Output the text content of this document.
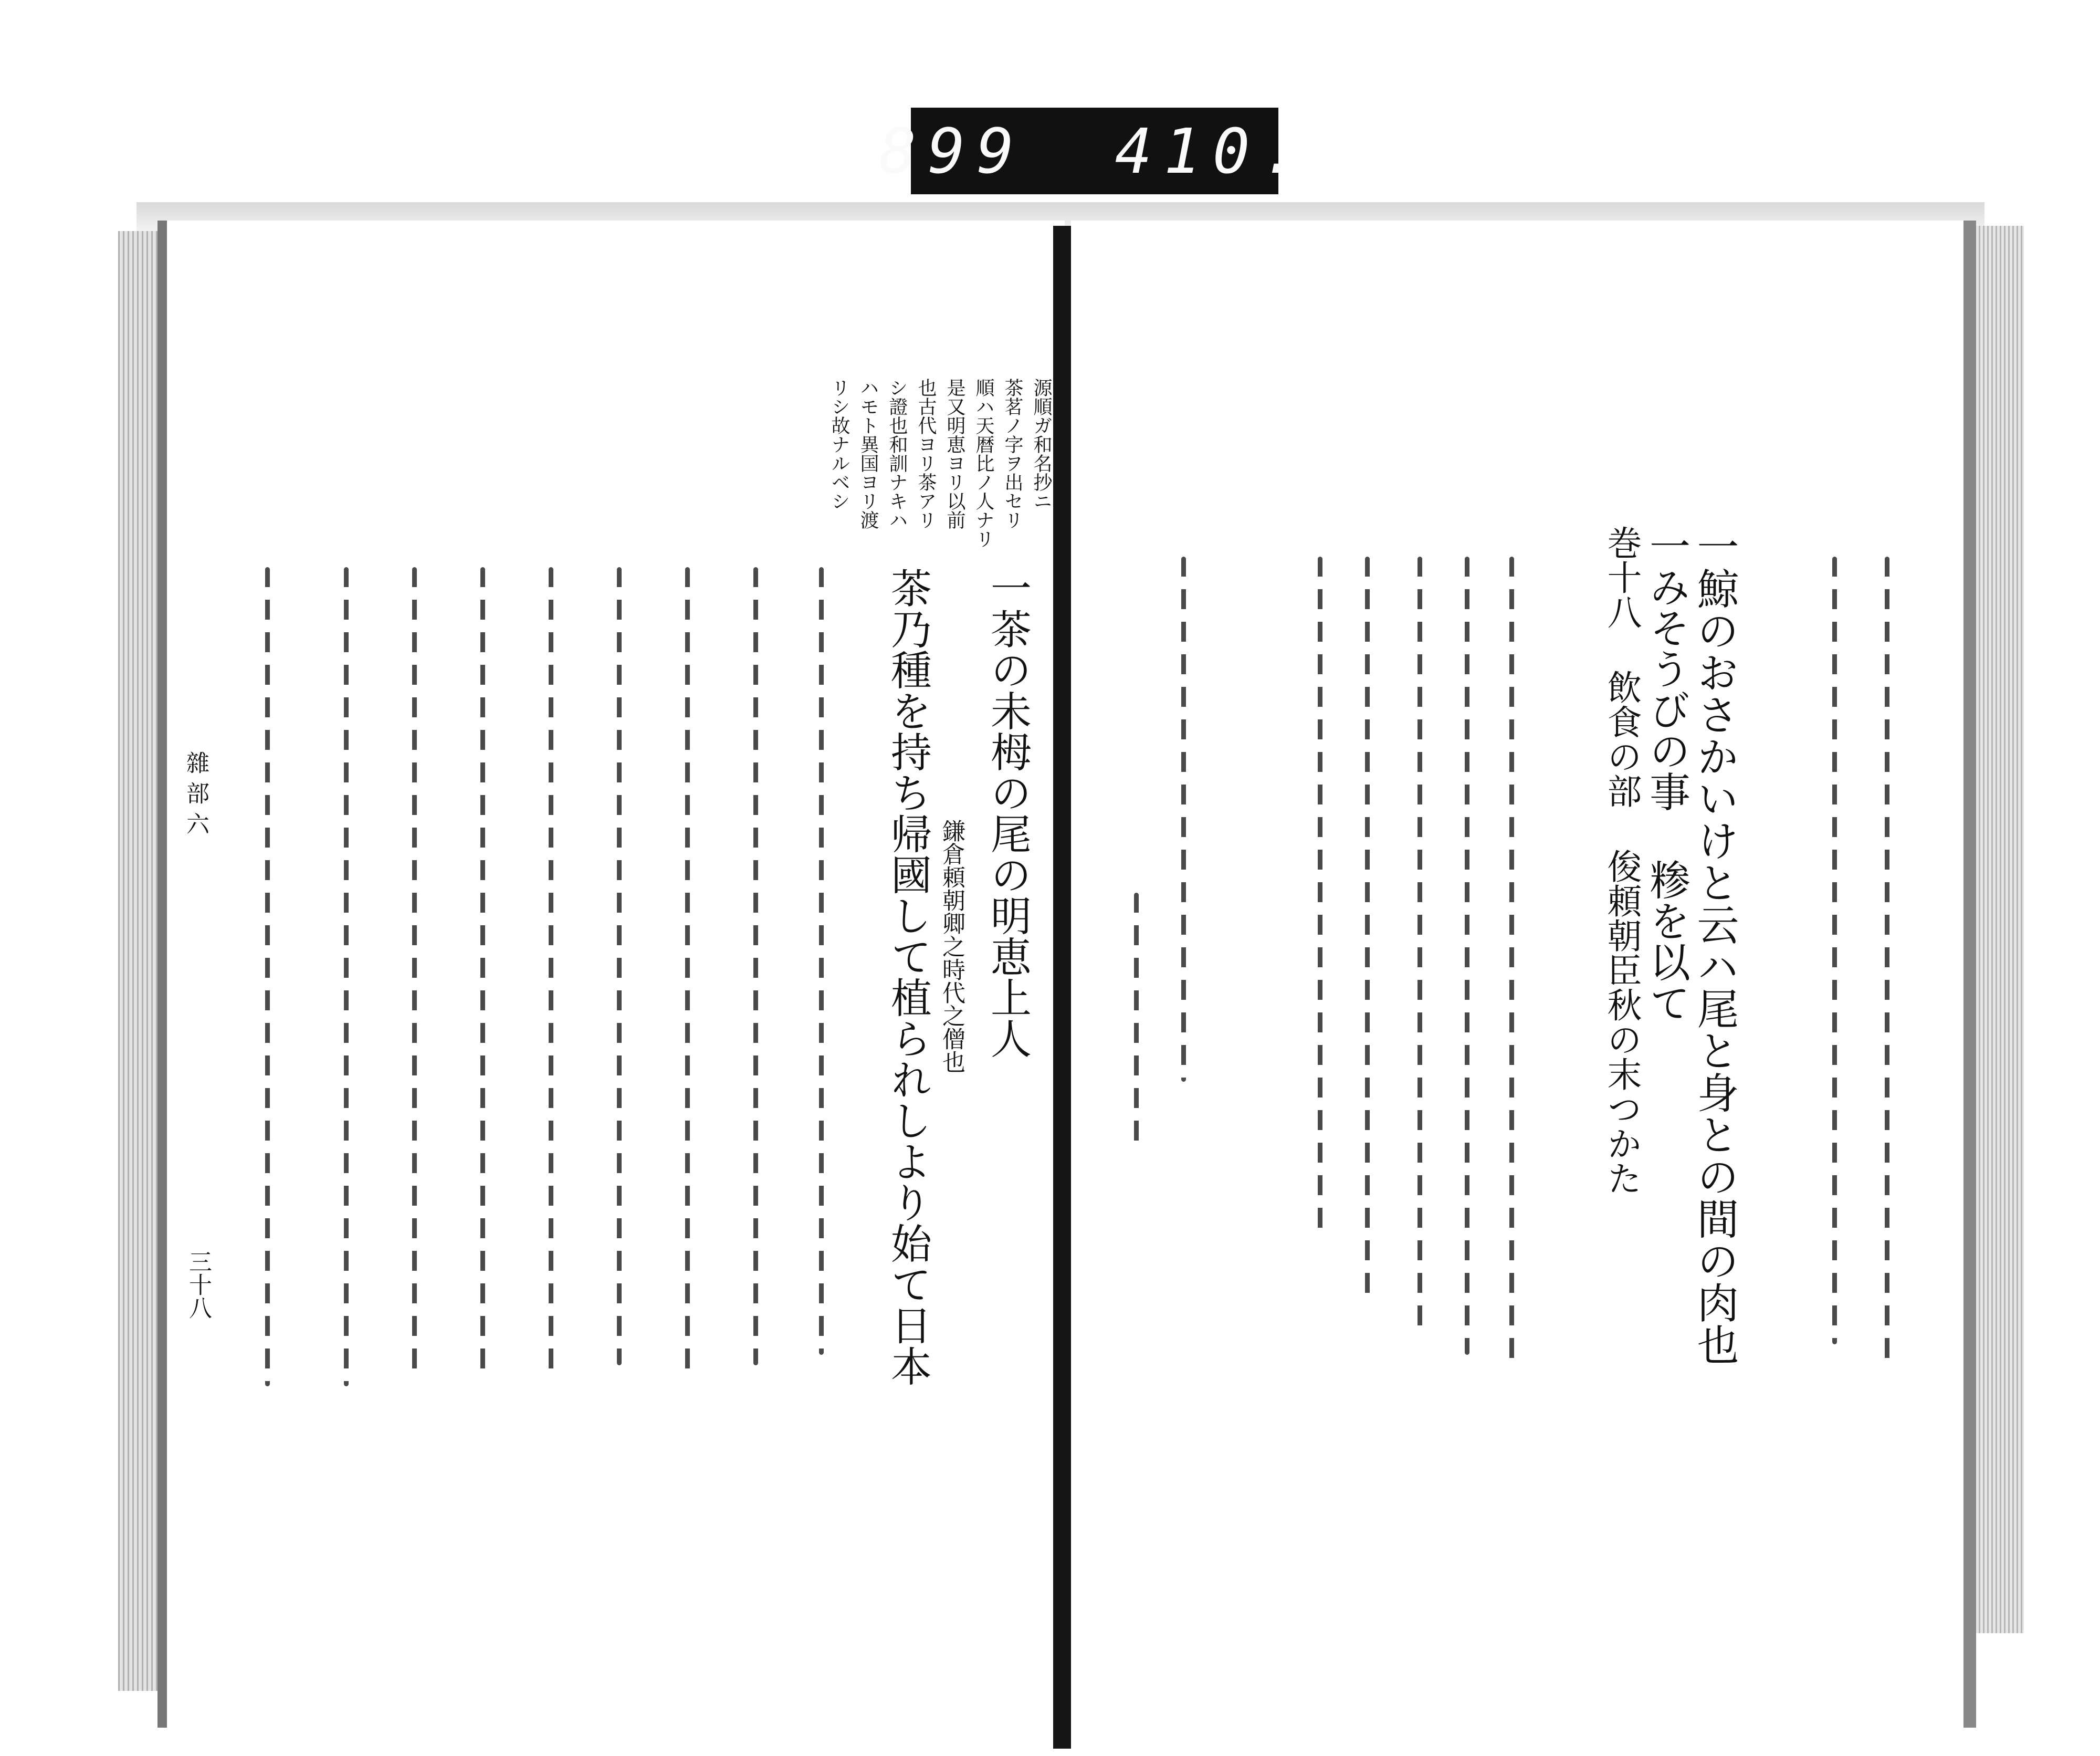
899 410.
一鯨のおさかいけと云ハ尾と身との間の肉也
一みそうびの事 糁を以て
巻十八 飲食の部 俊頼朝臣秋の末つかた
源順ガ和名抄ニ
茶茗ノ字ヲ出セリ
順ハ天暦比ノ人ナリ
是又明恵ヨリ以前
也古代ヨリ茶アリ
シ證也和訓ナキハ
ハモト異国ヨリ渡
リシ故ナルベシ
一茶の未栂の尾の明恵上人
鎌倉頼朝卿之時代之僧也
茶乃種を持ち帰國して植られしより始て日本
雜 部 六
三十八
